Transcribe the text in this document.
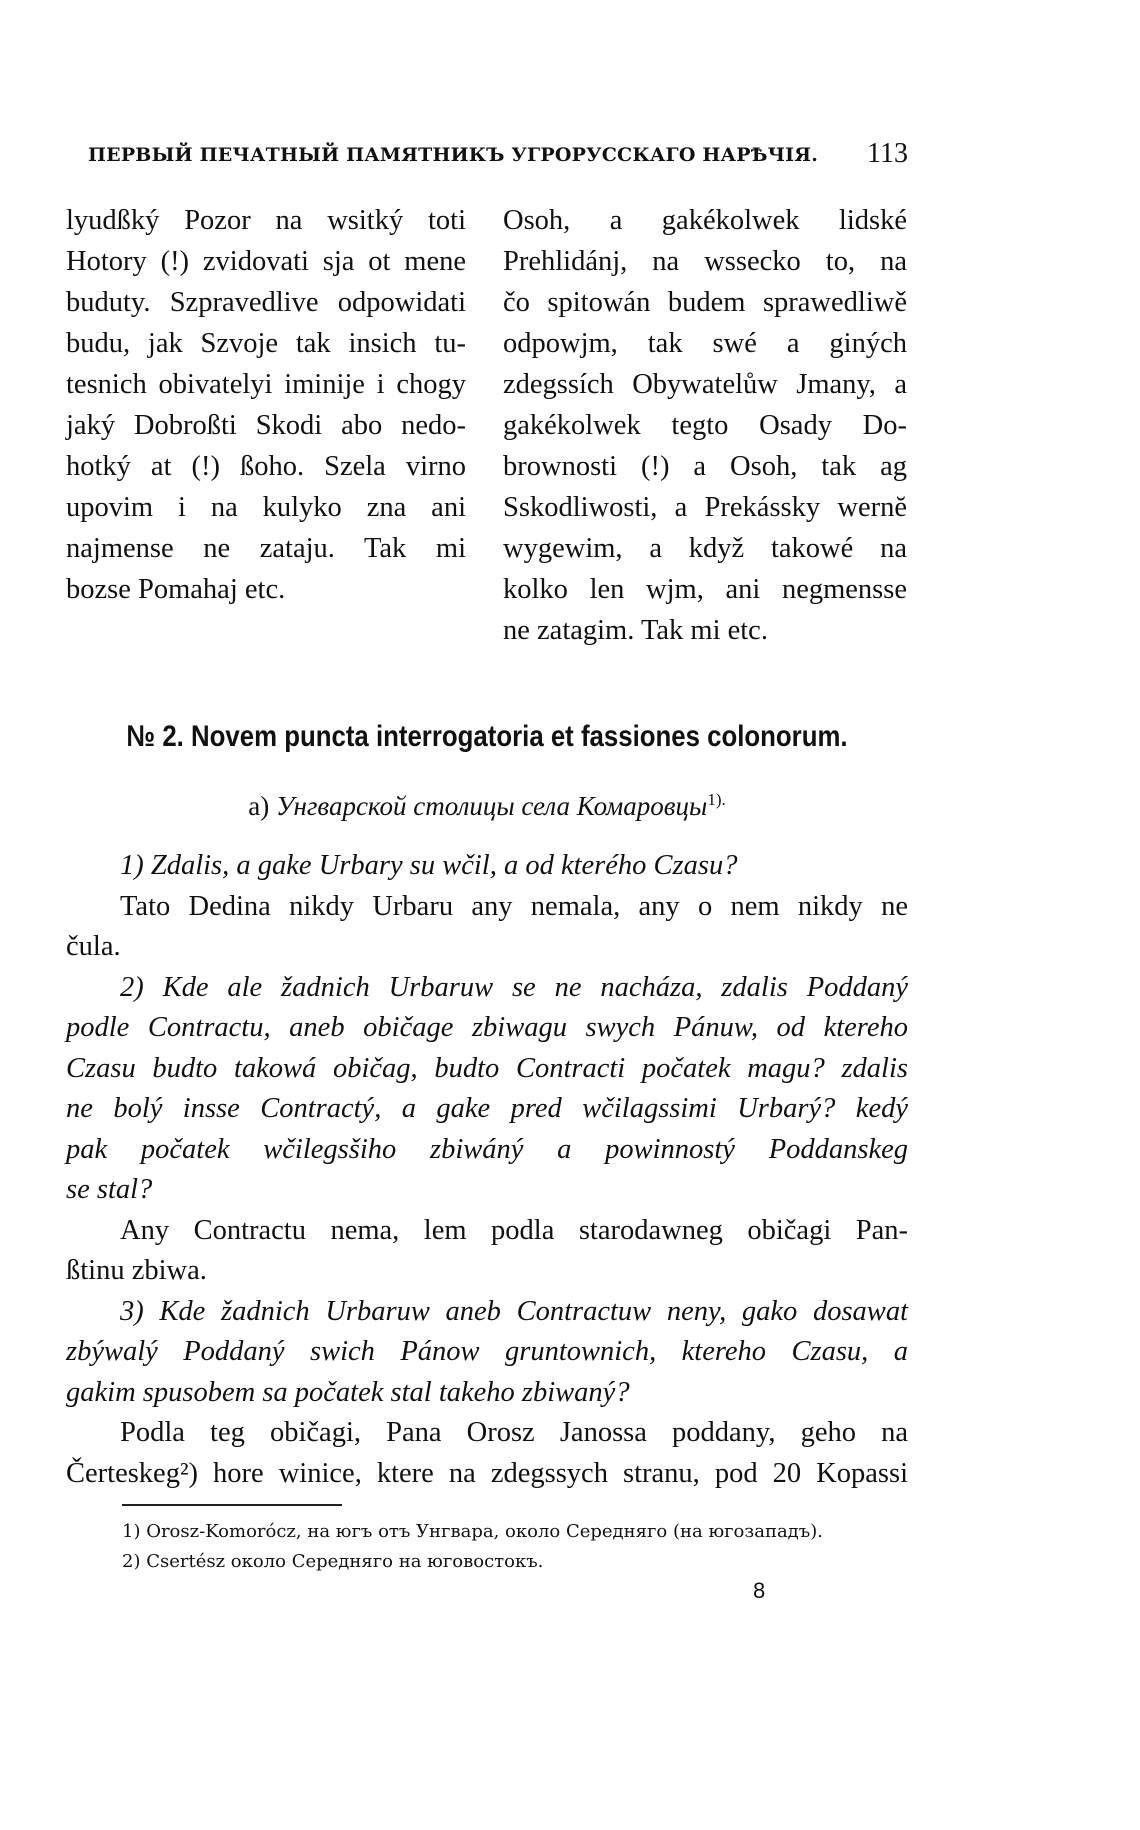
ПЕРВЫЙ ПЕЧАТНЫЙ ПАМЯТНИКЪ УГРОРУССКАГО НАРѢЧІЯ. 113
lyudßký Pozor na wsitký toti
Hotory (!) zvidovati sja ot mene
buduty. Szpravedlive odpowidati
budu, jak Szvoje tak insich tu-
tesnich obivatelyi iminije i chogy
jaký Dobroßti Skodi abo nedo-
hotký at (!) ßoho. Szela virno
upovim i na kulyko zna ani
najmense ne zataju. Tak mi
bozse Pomahaj etc.
Osoh, a gakékolwek lidské
Prehlidánj, na wssecko to, na
čo spitowán budem sprawedliwě
odpowjm, tak swé a giných
zdegssích Obywatelůw Jmany, a
gakékolwek tegto Osady Do-
brownosti (!) a Osoh, tak ag
Sskodliwosti, a Prekássky wernĕ
wygewim, a když takowé na
kolko len wjm, ani negmensse
ne zatagim. Tak mi etc.
№ 2. Novem puncta interrogatoria et fassiones colonorum.
а) Унгварской столицы села Комаровцы$^{1).}$
1) Zdalis, a gake Urbary su wčil, a od kterého Czasu?
Tato Dedina nikdy Urbaru any nemala, any o nem nikdy ne
čula.
2) Kde ale žadnich Urbaruw se ne nacháza, zdalis Poddaný
podle Contractu, aneb običage zbiwagu swych Pánuw, od ktereho
Czasu budto takowá običag, budto Contracti počatek magu? zdalis
ne bolý insse Contractý, a gake pred wčilagssimi Urbarý? kedý
pak počatek wčilegsšiho zbiwáný a powinnostý Poddanskeg
se stal?
Any Contractu nema, lem podla starodawneg običagi Pan-
ßtinu zbiwa.
3) Kde žadnich Urbaruw aneb Contractuw neny, gako dosawat
zbýwalý Poddaný swich Pánow gruntownich, ktereho Czasu, a
gakim spusobem sa počatek stal takeho zbiwaný?
Podla teg običagi, Pana Orosz Janossa poddany, geho na
Čerteskeg²) hore winice, ktere na zdegssych stranu, pod 20 Kopassi
1) Orosz-Komorócz, на югъ отъ Унгвара, около Середняго (на югозападъ).
2) Csertész около Середняго на юговостокъ.
8
